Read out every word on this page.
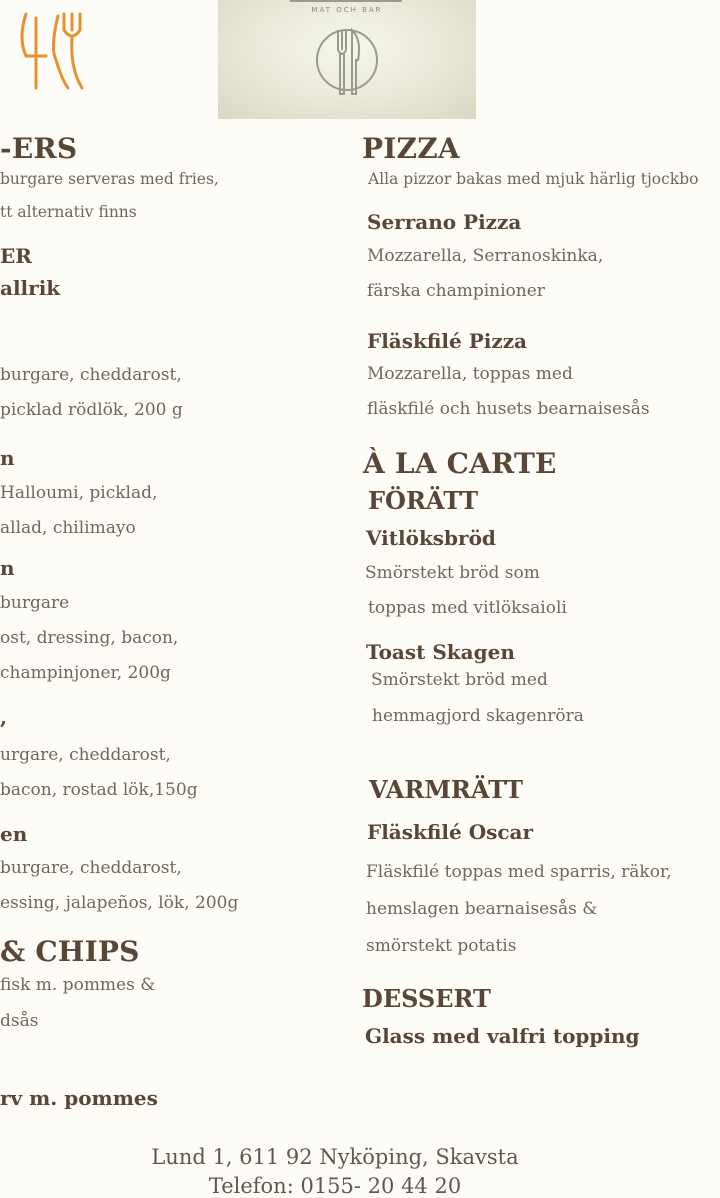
MAT OCH BAR
-ERS
burgare serveras med fries,
tt alternativ finns
ER
allrik
burgare, cheddarost,
picklad rödlök, 200 g
n
Halloumi, picklad,
allad, chilimayo
n
burgare
ost, dressing, bacon,
champinjoner, 200g
,
urgare, cheddarost,
bacon, rostad lök,150g
en
burgare, cheddarost,
essing, jalapeños, lök, 200g
& CHIPS
fisk m. pommes &
dsås
rv m. pommes
PIZZA
Alla pizzor bakas med mjuk härlig tjockbo
Serrano Pizza
Mozzarella, Serranoskinka,
färska champinioner
Fläskfilé Pizza
Mozzarella, toppas med
fläskfilé och husets bearnaisesås
À LA CARTE
FÖRÄTT
Vitlöksbröd
Smörstekt bröd som
toppas med vitlöksaioli
Toast Skagen
Smörstekt bröd med
hemmagjord skagenröra
VARMRÄTT
Fläskfilé Oscar
Fläskfilé toppas med sparris, räkor,
hemslagen bearnaisesås &
smörstekt potatis
DESSERT
Glass med valfri topping
Lund 1, 611 92 Nyköping, Skavsta
Telefon: 0155- 20 44 20
